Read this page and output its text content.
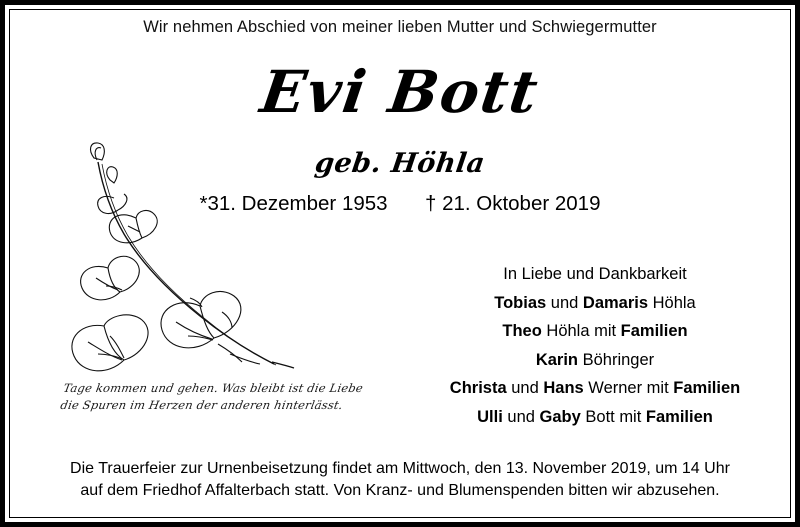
Wir nehmen Abschied von meiner lieben Mutter und Schwiegermutter
Evi Bott
geb. Höhla
*31. Dezember 1953 † 21. Oktober 2019
Tage kommen und gehen. Was bleibt ist die Liebe
die Spuren im Herzen der anderen hinterlässt.
In Liebe und Dankbarkeit
Tobias und Damaris Höhla
Theo Höhla mit Familien
Karin Böhringer
Christa und Hans Werner mit Familien
Ulli und Gaby Bott mit Familien
Die Trauerfeier zur Urnenbeisetzung findet am Mittwoch, den 13. November 2019, um 14 Uhr
auf dem Friedhof Affalterbach statt. Von Kranz- und Blumenspenden bitten wir abzusehen.
